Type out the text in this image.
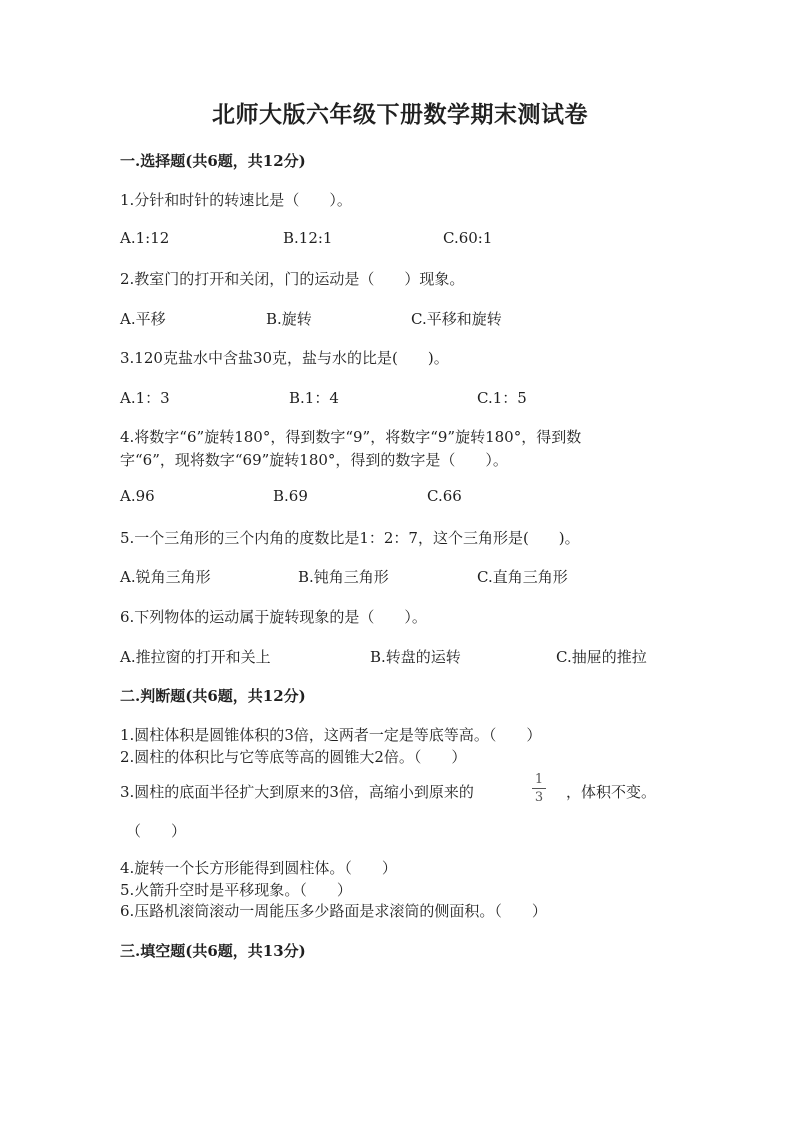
北师大版六年级下册数学期末测试卷
一.选择题(共6题，共12分)
1.分针和时针的转速比是（　　）。
A.1:12	B.12:1	C.60:1
2.教室门的打开和关闭，门的运动是（　　）现象。
A.平移	B.旋转	C.平移和旋转
3.120克盐水中含盐30克，盐与水的比是(　　)。
A.1：3	B.1：4	C.1：5
4.将数字“6”旋转180°，得到数字“9”，将数字“9”旋转180°，得到数
字“6”，现将数字“69”旋转180°，得到的数字是（　　）。
A.96	B.69	C.66
5.一个三角形的三个内角的度数比是1：2：7，这个三角形是(　　)。
A.锐角三角形	B.钝角三角形	C.直角三角形
6.下列物体的运动属于旋转现象的是（　　）。
A.推拉窗的打开和关上	B.转盘的运转	C.抽屉的推拉
二.判断题(共6题，共12分)
1.圆柱体积是圆锥体积的3倍，这两者一定是等底等高。（　　）
2.圆柱的体积比与它等底等高的圆锥大2倍。（　　）
3.圆柱的底面半径扩大到原来的3倍，高缩小到原来的
1
3 ，体积不变。
（　　）
4.旋转一个长方形能得到圆柱体。（　　）
5.火箭升空时是平移现象。（　　）
6.压路机滚筒滚动一周能压多少路面是求滚筒的侧面积。（　　）
三.填空题(共6题，共13分)
